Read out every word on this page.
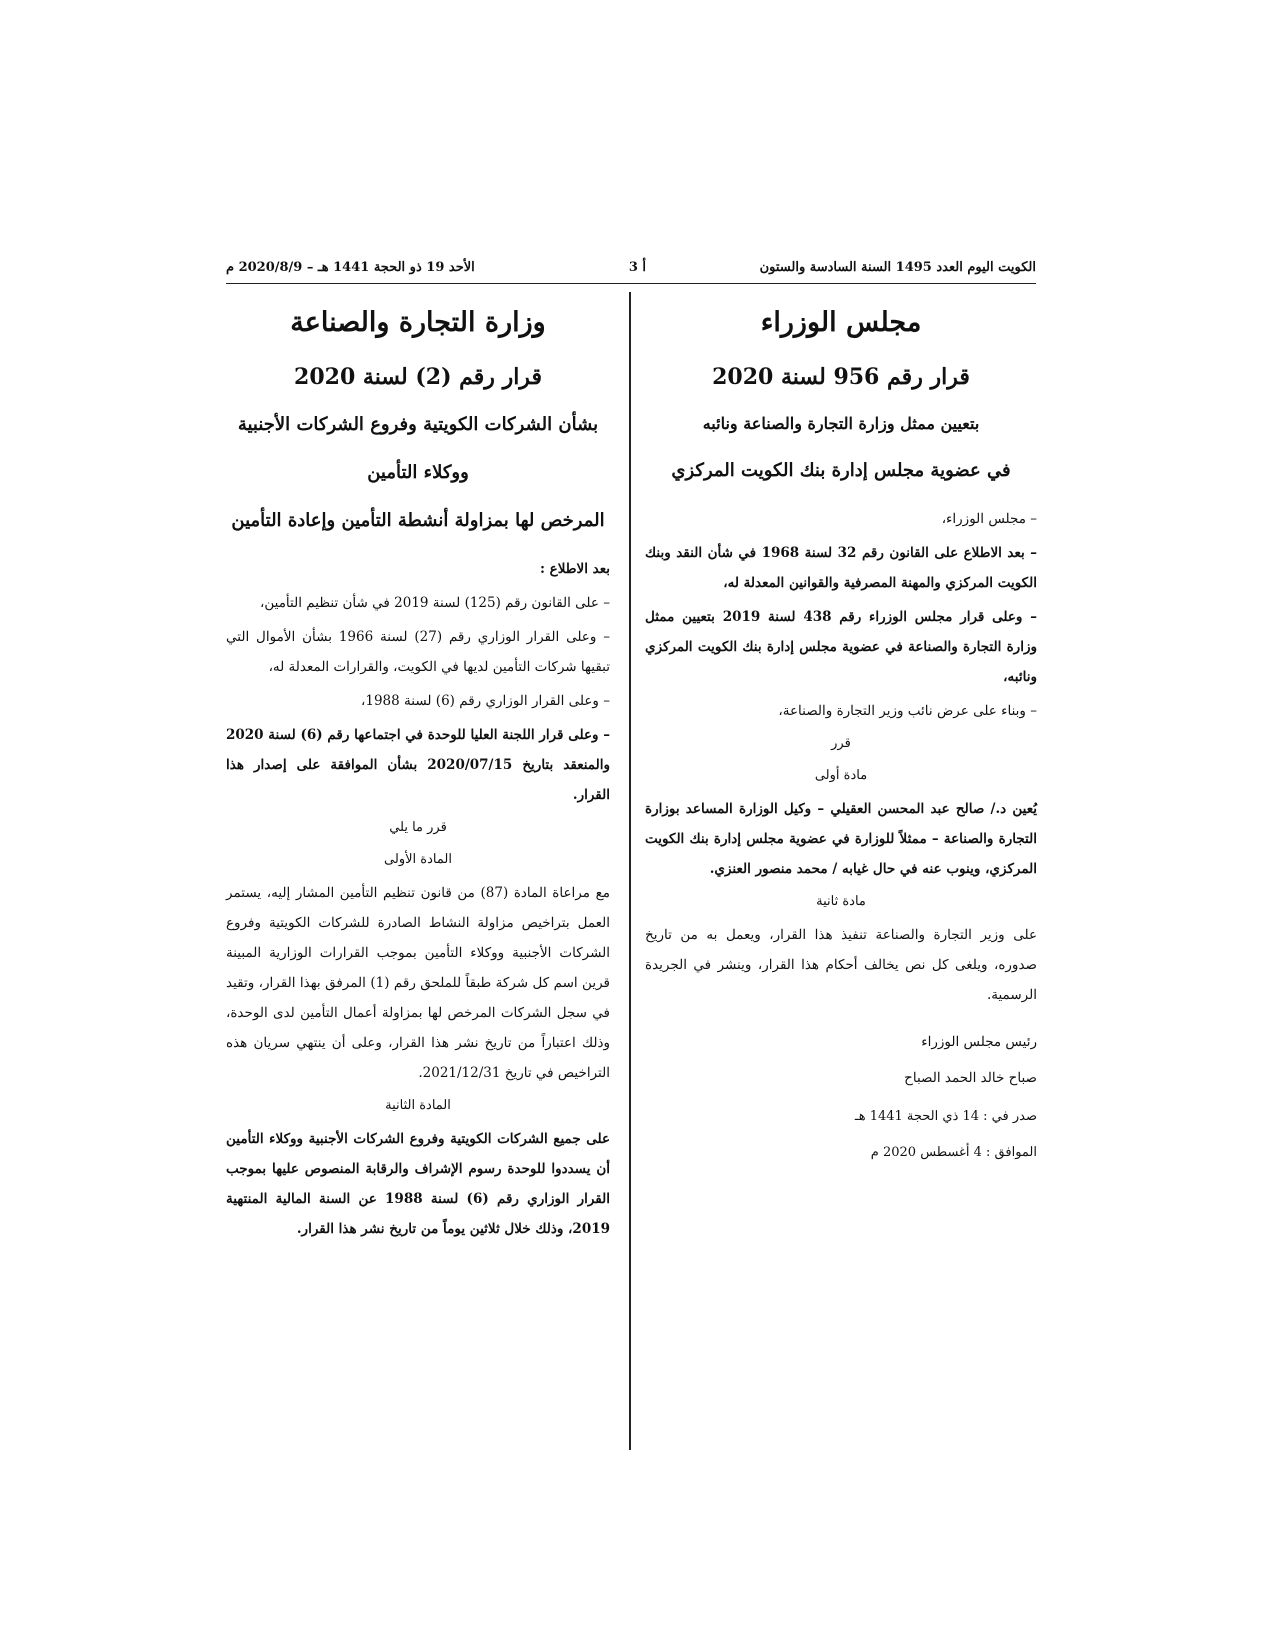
الكويت اليوم العدد 1495 السنة السادسة والستون
أ 3
الأحد 19 ذو الحجة 1441 هـ – 2020/8/9 م
مجلس الوزراء
قرار رقم 956 لسنة 2020
بتعيين ممثل وزارة التجارة والصناعة ونائبه
في عضوية مجلس إدارة بنك الكويت المركزي
– مجلس الوزراء،
– بعد الاطلاع على القانون رقم 32 لسنة 1968 في شأن النقد وبنك الكويت المركزي والمهنة المصرفية والقوانين المعدلة له،
– وعلى قرار مجلس الوزراء رقم 438 لسنة 2019 بتعيين ممثل وزارة التجارة والصناعة في عضوية مجلس إدارة بنك الكويت المركزي ونائبه،
– وبناء على عرض نائب وزير التجارة والصناعة،
قرر
مادة أولى
يُعين د./ صالح عبد المحسن العقيلي – وكيل الوزارة المساعد بوزارة التجارة والصناعة – ممثلاً للوزارة في عضوية مجلس إدارة بنك الكويت المركزي، وينوب عنه في حال غيابه / محمد منصور العنزي.
مادة ثانية
على وزير التجارة والصناعة تنفيذ هذا القرار، ويعمل به من تاريخ صدوره، ويلغى كل نص يخالف أحكام هذا القرار، وينشر في الجريدة الرسمية.
رئيس مجلس الوزراء
صباح خالد الحمد الصباح
صدر في : 14 ذي الحجة 1441 هـ
الموافق : 4 أغسطس 2020 م
وزارة التجارة والصناعة
قرار رقم (2) لسنة 2020
بشأن الشركات الكويتية وفروع الشركات الأجنبية
ووكلاء التأمين
المرخص لها بمزاولة أنشطة التأمين وإعادة التأمين
بعد الاطلاع :
– على القانون رقم (125) لسنة 2019 في شأن تنظيم التأمين،
– وعلى القرار الوزاري رقم (27) لسنة 1966 بشأن الأموال التي تبقيها شركات التأمين لديها في الكويت، والقرارات المعدلة له،
– وعلى القرار الوزاري رقم (6) لسنة 1988،
– وعلى قرار اللجنة العليا للوحدة في اجتماعها رقم (6) لسنة 2020 والمنعقد بتاريخ 2020/07/15 بشأن الموافقة على إصدار هذا القرار.
قرر ما يلي
المادة الأولى
مع مراعاة المادة (87) من قانون تنظيم التأمين المشار إليه، يستمر العمل بتراخيص مزاولة النشاط الصادرة للشركات الكويتية وفروع الشركات الأجنبية ووكلاء التأمين بموجب القرارات الوزارية المبينة قرين اسم كل شركة طبقاً للملحق رقم (1) المرفق بهذا القرار، وتقيد في سجل الشركات المرخص لها بمزاولة أعمال التأمين لدى الوحدة، وذلك اعتباراً من تاريخ نشر هذا القرار، وعلى أن ينتهي سريان هذه التراخيص في تاريخ 2021/12/31.
المادة الثانية
على جميع الشركات الكويتية وفروع الشركات الأجنبية ووكلاء التأمين أن يسددوا للوحدة رسوم الإشراف والرقابة المنصوص عليها بموجب القرار الوزاري رقم (6) لسنة 1988 عن السنة المالية المنتهية 2019، وذلك خلال ثلاثين يوماً من تاريخ نشر هذا القرار.
